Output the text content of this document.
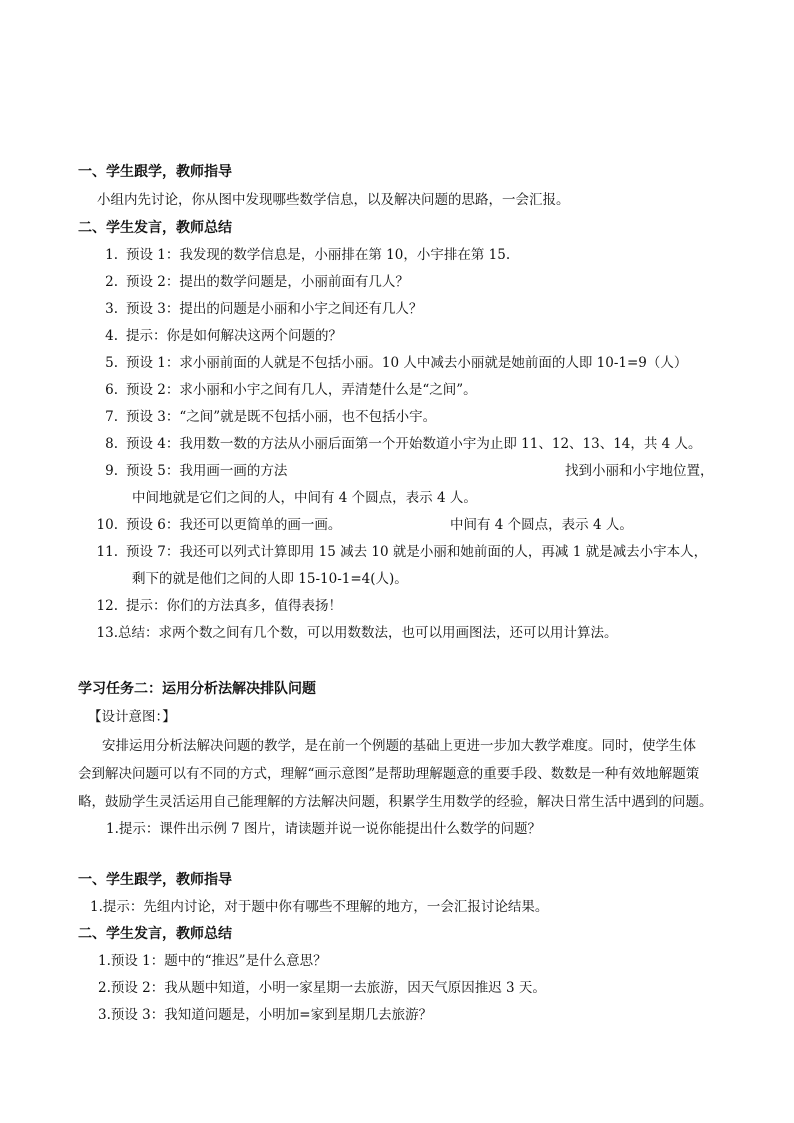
一、学生跟学，教师指导
小组内先讨论，你从图中发现哪些数学信息，以及解决问题的思路，一会汇报。
二、学生发言，教师总结
1. 预设 1：我发现的数学信息是，小丽排在第 10，小宇排在第 15.
2. 预设 2：提出的数学问题是，小丽前面有几人？
3. 预设 3：提出的问题是小丽和小宇之间还有几人？
4. 提示：你是如何解决这两个问题的？
5. 预设 1：求小丽前面的人就是不包括小丽。10 人中减去小丽就是她前面的人即 10-1=9（人）
6. 预设 2：求小丽和小宇之间有几人，弄清楚什么是“之间”。
7. 预设 3：“之间”就是既不包括小丽，也不包括小宇。
8. 预设 4：我用数一数的方法从小丽后面第一个开始数道小宇为止即 11、12、13、14，共 4 人。
9. 预设 5：我用画一画的方法	找到小丽和小宇地位置，
中间地就是它们之间的人，中间有 4 个圆点，表示 4 人。
10. 预设 6：我还可以更简单的画一画。	中间有 4 个圆点，表示 4 人。
11. 预设 7：我还可以列式计算即用 15 减去 10 就是小丽和她前面的人，再减 1 就是减去小宇本人，
剩下的就是他们之间的人即 15-10-1=4(人)。
12. 提示：你们的方法真多，值得表扬！
13.总结：求两个数之间有几个数，可以用数数法，也可以用画图法，还可以用计算法。
学习任务二：运用分析法解决排队问题
【设计意图：】
安排运用分析法解决问题的教学，是在前一个例题的基础上更进一步加大教学难度。同时，使学生体
会到解决问题可以有不同的方式，理解“画示意图”是帮助理解题意的重要手段、数数是一种有效地解题策
略，鼓励学生灵活运用自己能理解的方法解决问题，积累学生用数学的经验，解决日常生活中遇到的问题。
1.提示：课件出示例 7 图片，请读题并说一说你能提出什么数学的问题？
一、学生跟学，教师指导
1.提示：先组内讨论，对于题中你有哪些不理解的地方，一会汇报讨论结果。
二、学生发言，教师总结
1.预设 1：题中的“推迟”是什么意思？
2.预设 2：我从题中知道，小明一家星期一去旅游，因天气原因推迟 3 天。
3.预设 3：我知道问题是，小明加=家到星期几去旅游？
